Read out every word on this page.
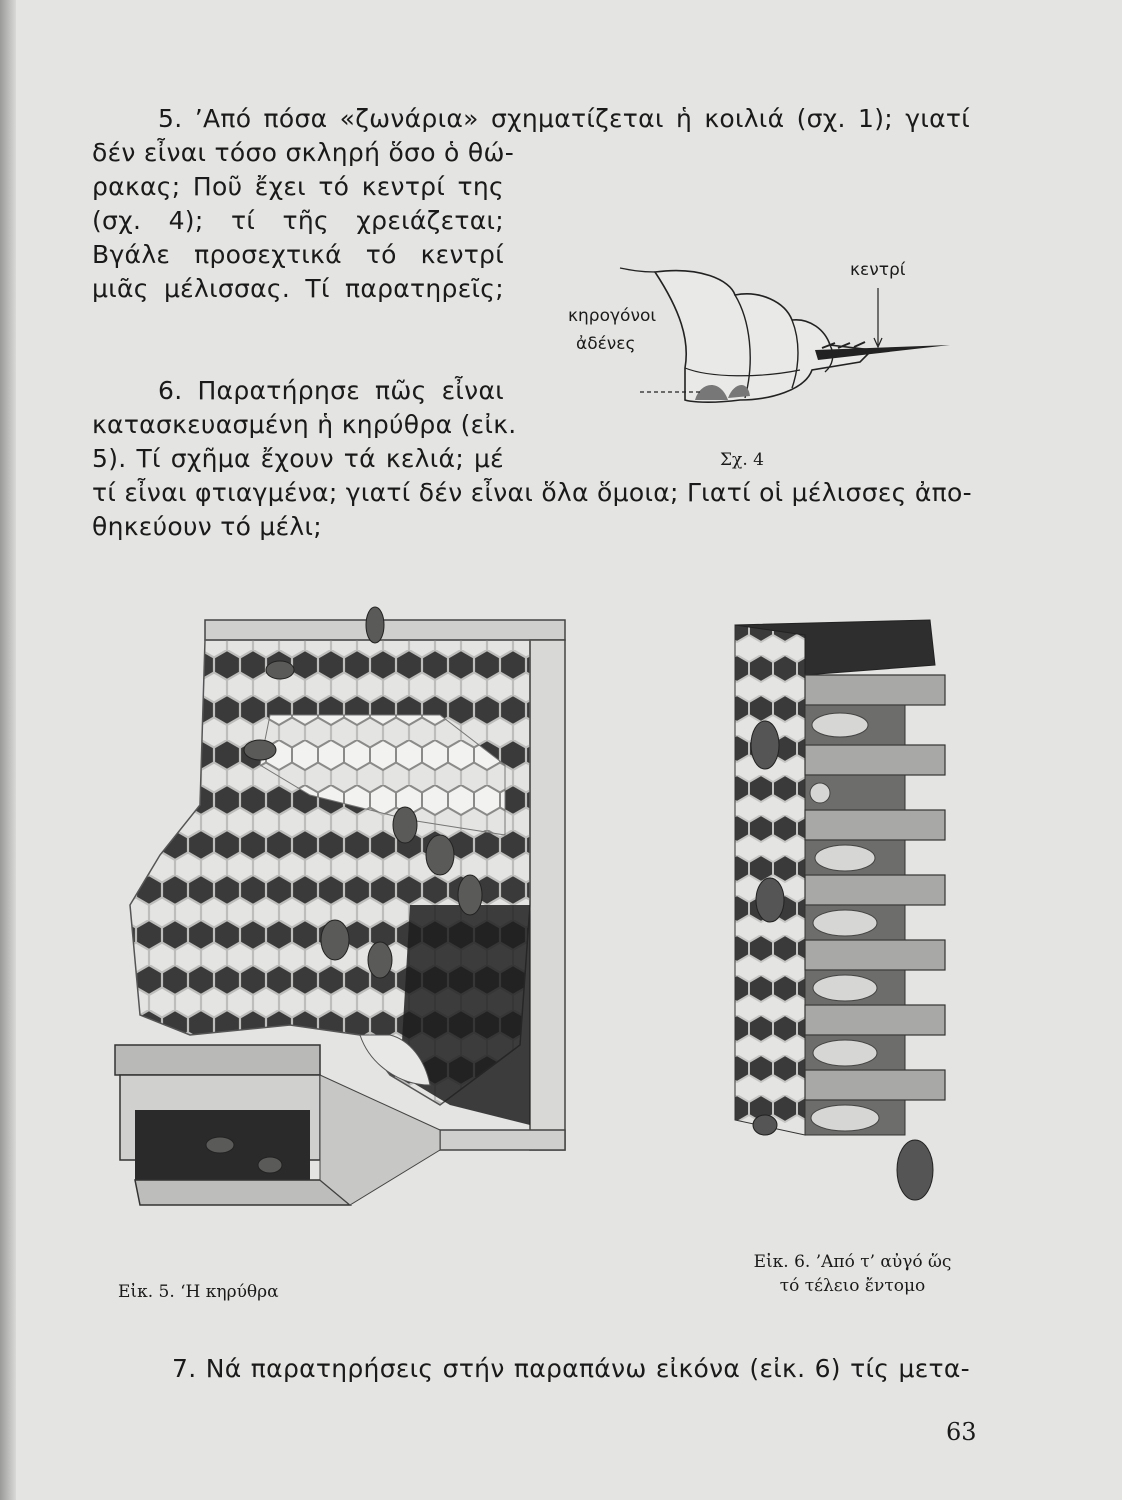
5. ’Από πόσα «ζωνάρια» σχηματίζεται ἡ κοιλιά (σχ. 1); γιατί
δέν εἶναι τόσο σκληρή ὅσο ὁ θώ-
ρακας; Ποῦ ἔχει τό κεντρί της
(σχ. 4); τί τῆς χρειάζεται;
Βγάλε προσεχτικά τό κεντρί
μιᾶς μέλισσας. Τί παρατηρεῖς;
6. Παρατήρησε πῶς εἶναι
κατασκευασμένη ἡ κηρύθρα (εἰκ.
5). Τί σχῆμα ἔχουν τά κελιά; μέ
τί εἶναι φτιαγμένα; γιατί δέν εἶναι ὅλα ὅμοια; Γιατί οἱ μέλισσες ἀπο-
θηκεύουν τό μέλι;
κεντρί
κηρογόνοι
ἀδένες
Σχ. 4
Εἰκ. 5. ‘Η κηρύθρα
Εἰκ. 6. ’Από τ’ αὐγό ὥς
τό τέλειο ἔντομο
7. Νά παρατηρήσεις στήν παραπάνω εἰκόνα (εἰκ. 6) τίς μετα-
63
